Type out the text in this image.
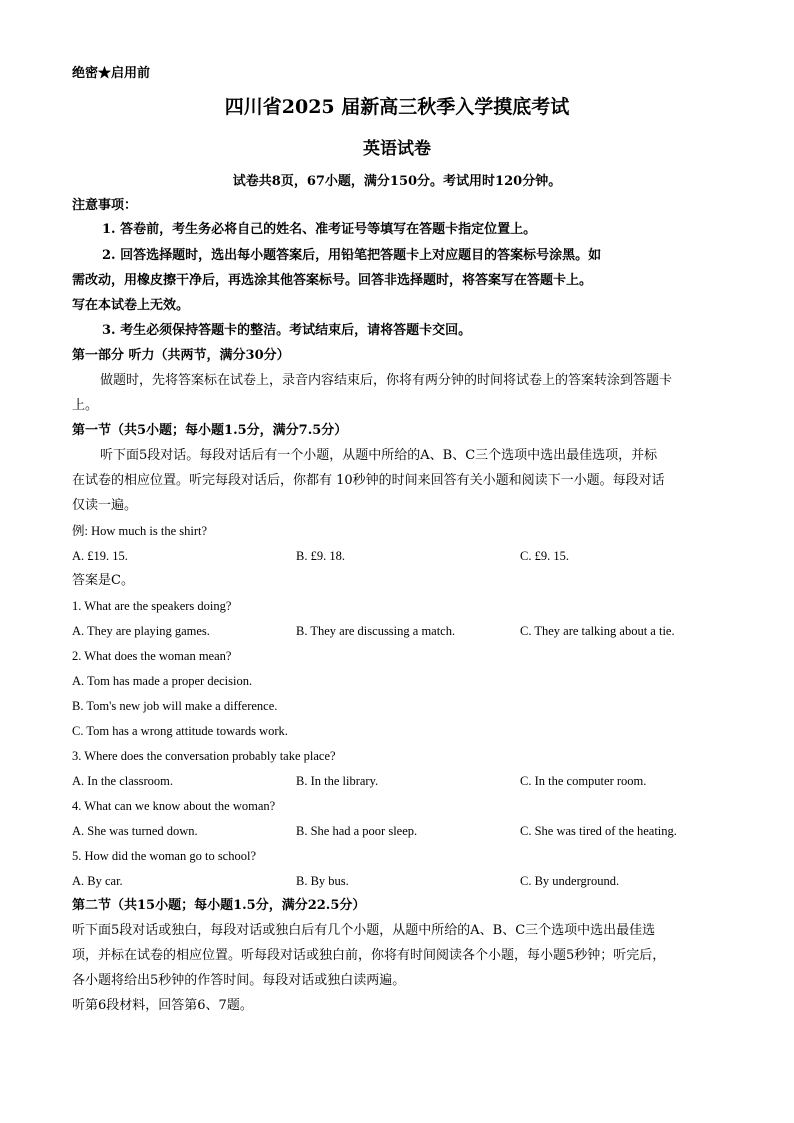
绝密★启用前
四川省2025 届新高三秋季入学摸底考试
英语试卷
试卷共8页，67小题，满分150分。考试用时120分钟。
注意事项：
1. 答卷前，考生务必将自己的姓名、准考证号等填写在答题卡指定位置上。
2. 回答选择题时，选出每小题答案后，用铅笔把答题卡上对应题目的答案标号涂黑。如
需改动，用橡皮擦干净后，再选涂其他答案标号。回答非选择题时，将答案写在答题卡上。
写在本试卷上无效。
3. 考生必须保持答题卡的整洁。考试结束后，请将答题卡交回。
第一部分 听力（共两节，满分30分）
做题时，先将答案标在试卷上，录音内容结束后，你将有两分钟的时间将试卷上的答案转涂到答题卡
上。
第一节（共5小题；每小题1.5分，满分7.5分）
听下面5段对话。每段对话后有一个小题，从题中所给的A、B、C三个选项中选出最佳选项，并标
在试卷的相应位置。听完每段对话后，你都有 10秒钟的时间来回答有关小题和阅读下一小题。每段对话
仅读一遍。
例: How much is the shirt?
A. £19. 15.	B. £9. 18.	C. £9. 15.
答案是C。
1. What are the speakers doing?
A. They are playing games.	B. They are discussing a match.	C. They are talking about a tie.
2. What does the woman mean?
A. Tom has made a proper decision.
B. Tom's new job will make a difference.
C. Tom has a wrong attitude towards work.
3. Where does the conversation probably take place?
A. In the classroom.	B. In the library.	C. In the computer room.
4. What can we know about the woman?
A. She was turned down.	B. She had a poor sleep.	C. She was tired of the heating.
5. How did the woman go to school?
A. By car.	B. By bus.	C. By underground.
第二节（共15小题；每小题1.5分，满分22.5分）
听下面5段对话或独白，每段对话或独白后有几个小题，从题中所给的A、B、C三个选项中选出最佳选
项，并标在试卷的相应位置。听每段对话或独白前，你将有时间阅读各个小题，每小题5秒钟；听完后，
各小题将给出5秒钟的作答时间。每段对话或独白读两遍。
听第6段材料，回答第6、7题。
